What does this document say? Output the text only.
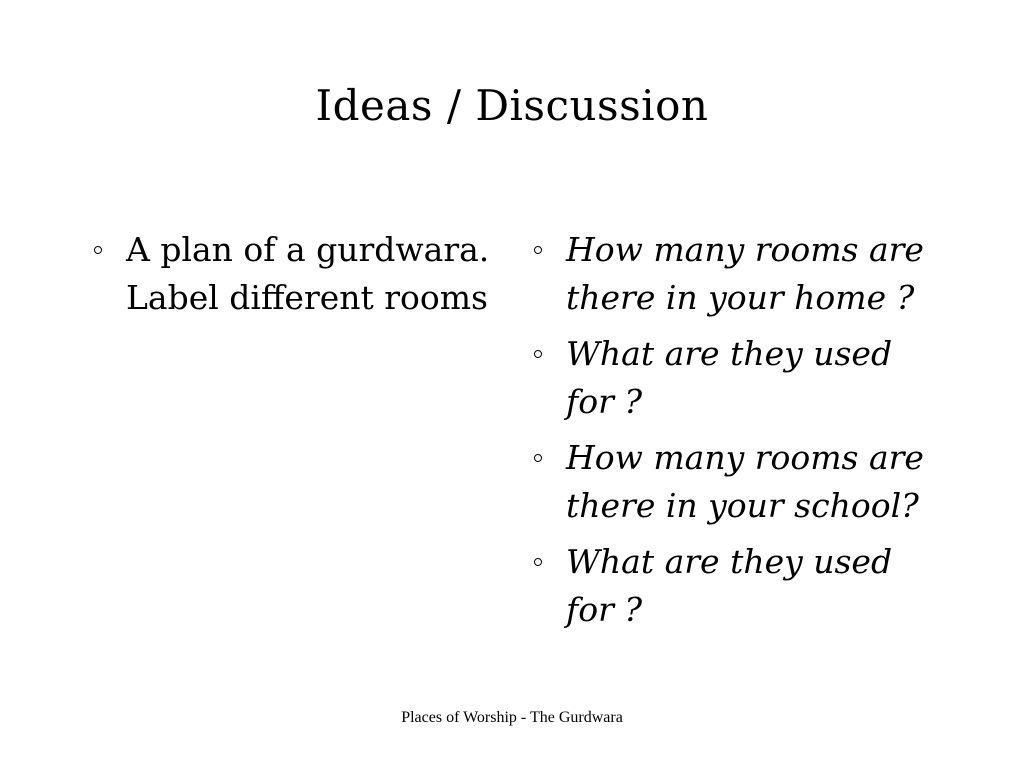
Ideas / Discussion
A plan of a gurdwara.
Label different rooms
How many rooms are
there in your home ?
What are they used
for ?
How many rooms are
there in your school?
What are they used
for ?
Places of Worship - The Gurdwara
